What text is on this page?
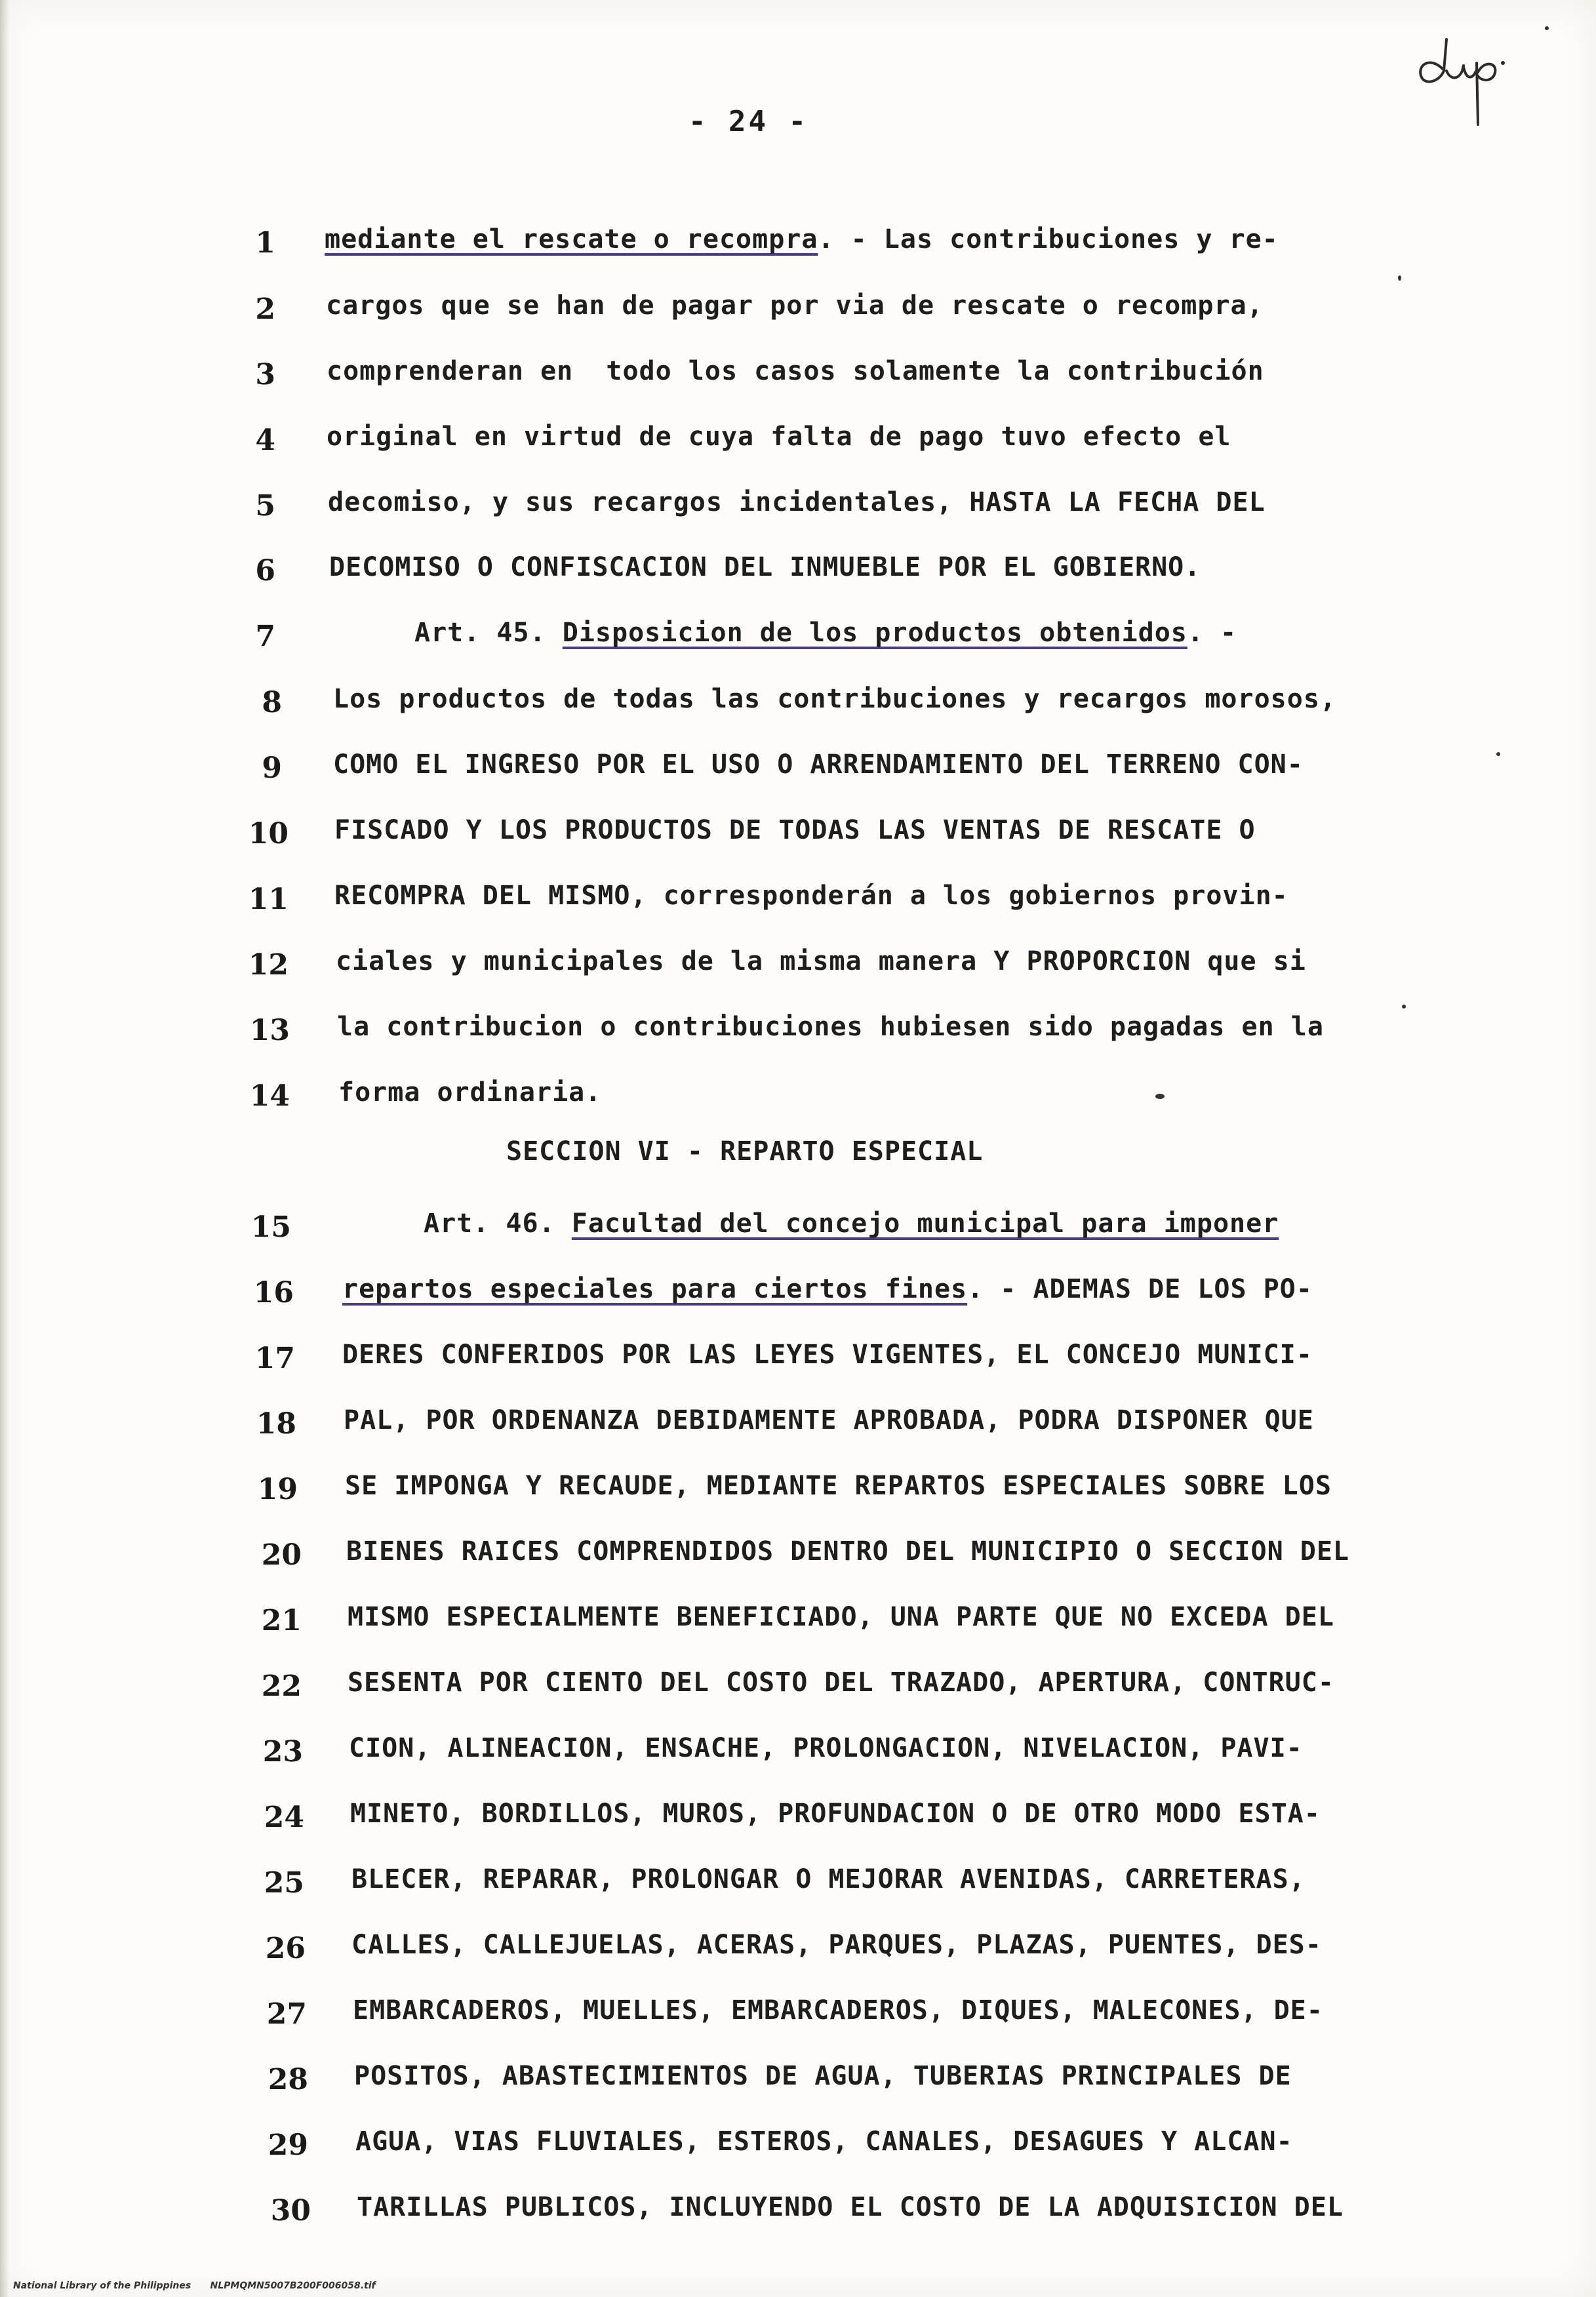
- 24 -
1
2
3
4
5
6
7
8
9
10
11
12
13
14
15
16
17
18
19
20
21
22
23
24
25
26
27
28
29
30
mediante el rescate o recompra. - Las contribuciones y re-
cargos que se han de pagar por via de rescate o recompra,
comprenderan en  todo los casos solamente la contribución
original en virtud de cuya falta de pago tuvo efecto el
decomiso, y sus recargos incidentales, HASTA LA FECHA DEL
DECOMISO O CONFISCACION DEL INMUEBLE POR EL GOBIERNO.
Art. 45. Disposicion de los productos obtenidos. -
Los productos de todas las contribuciones y recargos morosos,
COMO EL INGRESO POR EL USO O ARRENDAMIENTO DEL TERRENO CON-
FISCADO Y LOS PRODUCTOS DE TODAS LAS VENTAS DE RESCATE O
RECOMPRA DEL MISMO, corresponderán a los gobiernos provin-
ciales y municipales de la misma manera Y PROPORCION que si
la contribucion o contribuciones hubiesen sido pagadas en la
forma ordinaria.
SECCION VI - REPARTO ESPECIAL
Art. 46. Facultad del concejo municipal para imponer
repartos especiales para ciertos fines. - ADEMAS DE LOS PO-
DERES CONFERIDOS POR LAS LEYES VIGENTES, EL CONCEJO MUNICI-
PAL, POR ORDENANZA DEBIDAMENTE APROBADA, PODRA DISPONER QUE
SE IMPONGA Y RECAUDE, MEDIANTE REPARTOS ESPECIALES SOBRE LOS
BIENES RAICES COMPRENDIDOS DENTRO DEL MUNICIPIO O SECCION DEL
MISMO ESPECIALMENTE BENEFICIADO, UNA PARTE QUE NO EXCEDA DEL
SESENTA POR CIENTO DEL COSTO DEL TRAZADO, APERTURA, CONTRUC-
CION, ALINEACION, ENSACHE, PROLONGACION, NIVELACION, PAVI-
MINETO, BORDILLOS, MUROS, PROFUNDACION O DE OTRO MODO ESTA-
BLECER, REPARAR, PROLONGAR O MEJORAR AVENIDAS, CARRETERAS,
CALLES, CALLEJUELAS, ACERAS, PARQUES, PLAZAS, PUENTES, DES-
EMBARCADEROS, MUELLES, EMBARCADEROS, DIQUES, MALECONES, DE-
POSITOS, ABASTECIMIENTOS DE AGUA, TUBERIAS PRINCIPALES DE
AGUA, VIAS FLUVIALES, ESTEROS, CANALES, DESAGUES Y ALCAN-
TARILLAS PUBLICOS, INCLUYENDO EL COSTO DE LA ADQUISICION DEL
National Library of the Philippines NLPMQMN5007B200F006058.tif
